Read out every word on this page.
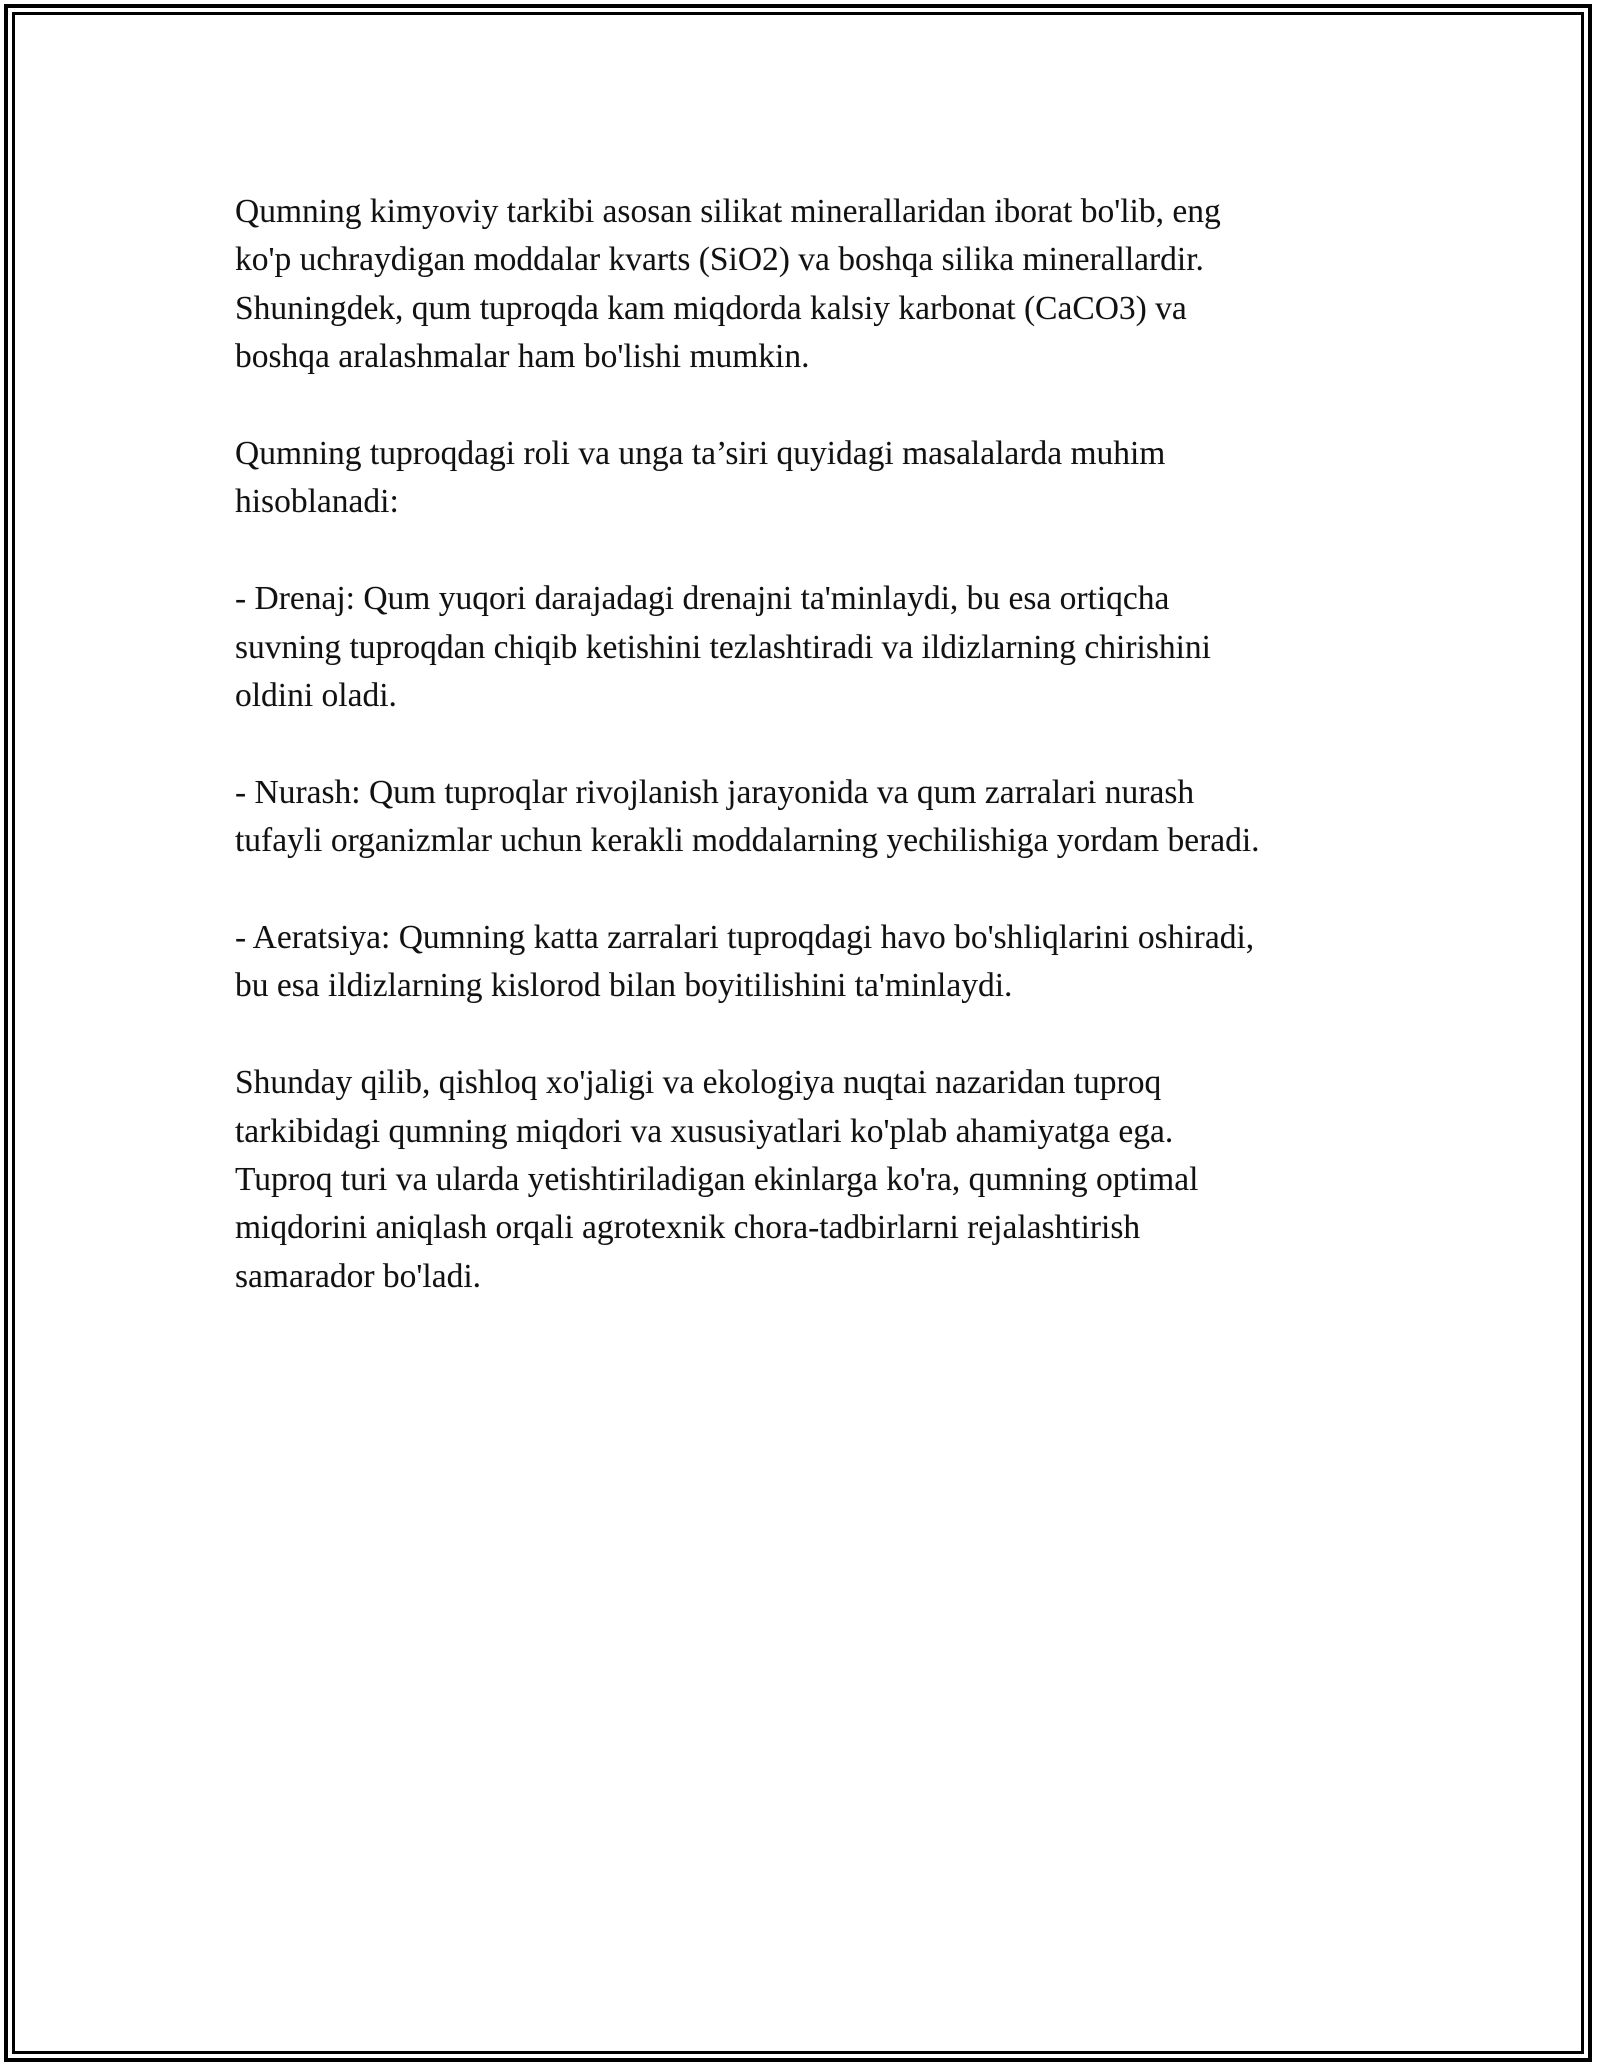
Qumning kimyoviy tarkibi asosan silikat minerallaridan iborat bo'lib, eng
ko'p uchraydigan moddalar kvarts (SiO2) va boshqa silika minerallardir.
Shuningdek, qum tuproqda kam miqdorda kalsiy karbonat (CaCO3) va
boshqa aralashmalar ham bo'lishi mumkin.

Qumning tuproqdagi roli va unga ta’siri quyidagi masalalarda muhim
hisoblanadi:

- Drenaj: Qum yuqori darajadagi drenajni ta'minlaydi, bu esa ortiqcha
suvning tuproqdan chiqib ketishini tezlashtiradi va ildizlarning chirishini
oldini oladi.

- Nurash: Qum tuproqlar rivojlanish jarayonida va qum zarralari nurash
tufayli organizmlar uchun kerakli moddalarning yechilishiga yordam beradi.

- Aeratsiya: Qumning katta zarralari tuproqdagi havo bo'shliqlarini oshiradi,
bu esa ildizlarning kislorod bilan boyitilishini ta'minlaydi.

Shunday qilib, qishloq xo'jaligi va ekologiya nuqtai nazaridan tuproq
tarkibidagi qumning miqdori va xususiyatlari ko'plab ahamiyatga ega.
Tuproq turi va ularda yetishtiriladigan ekinlarga ko'ra, qumning optimal
miqdorini aniqlash orqali agrotexnik chora-tadbirlarni rejalashtirish
samarador bo'ladi.
